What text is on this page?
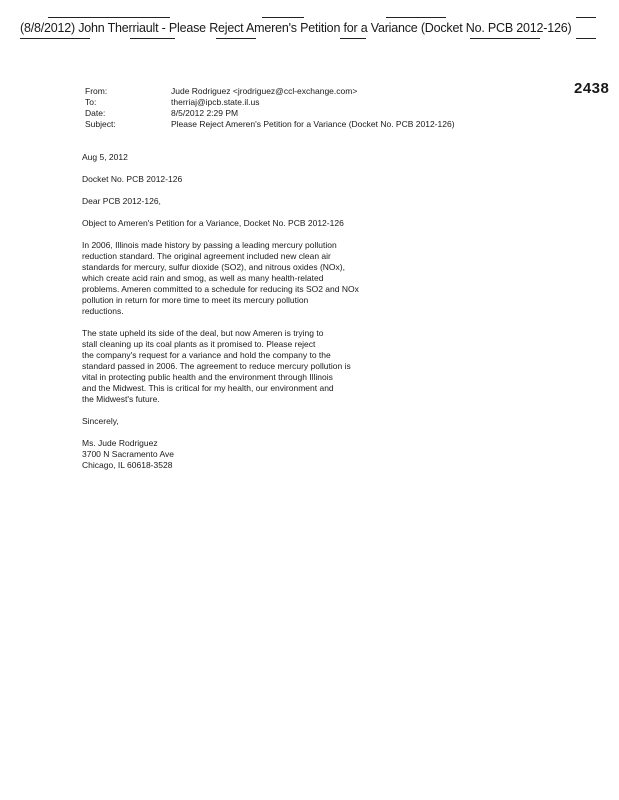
(8/8/2012) John Therriault - Please Reject Ameren's Petition for a Variance (Docket No. PCB 2012-126)
2438
From:	Jude Rodriguez <jrodriguez@ccl-exchange.com>
To:	therriaj@ipcb.state.il.us
Date:	8/5/2012 2:29 PM
Subject:	Please Reject Ameren's Petition for a Variance (Docket No. PCB 2012-126)

Aug 5, 2012

Docket No. PCB 2012-126

Dear PCB 2012-126,

Object to Ameren's Petition for a Variance, Docket No. PCB 2012-126

In 2006, Illinois made history by passing a leading mercury pollution
reduction standard. The original agreement included new clean air
standards for mercury, sulfur dioxide (SO2), and nitrous oxides (NOx),
which create acid rain and smog, as well as many health-related
problems. Ameren committed to a schedule for reducing its SO2 and NOx
pollution in return for more time to meet its mercury pollution
reductions.

The state upheld its side of the deal, but now Ameren is trying to
stall cleaning up its coal plants as it promised to. Please reject
the company's request for a variance and hold the company to the
standard passed in 2006. The agreement to reduce mercury pollution is
vital in protecting public health and the environment through Illinois
and the Midwest. This is critical for my health, our environment and
the Midwest's future.

Sincerely,

Ms. Jude Rodriguez
3700 N Sacramento Ave
Chicago, IL 60618-3528
